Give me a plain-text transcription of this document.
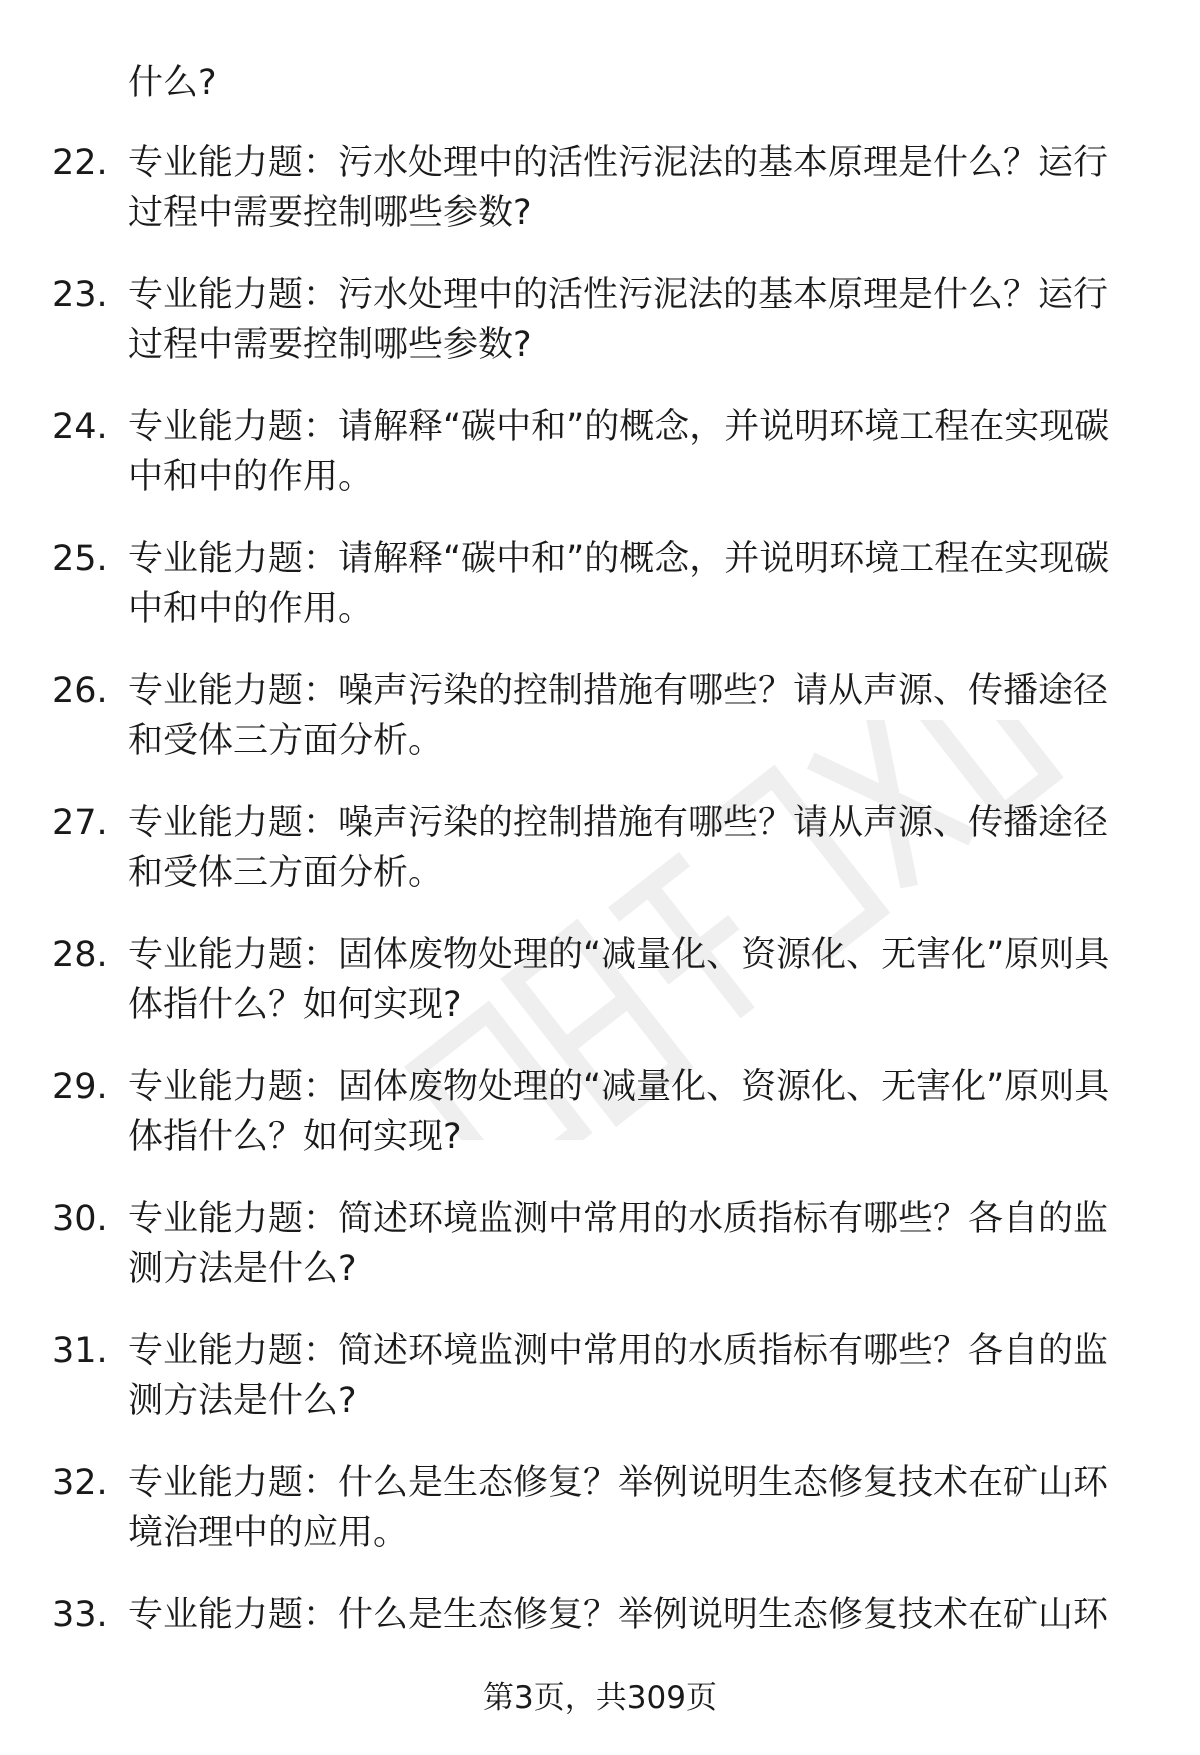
什么?
22. 专业能力题：污水处理中的活性污泥法的基本原理是什么？运行过程中需要控制哪些参数?
23. 专业能力题：污水处理中的活性污泥法的基本原理是什么？运行过程中需要控制哪些参数?
24. 专业能力题：请解释“碳中和”的概念，并说明环境工程在实现碳中和中的作用。
25. 专业能力题：请解释“碳中和”的概念，并说明环境工程在实现碳中和中的作用。
26. 专业能力题：噪声污染的控制措施有哪些？请从声源、传播途径和受体三方面分析。
27. 专业能力题：噪声污染的控制措施有哪些？请从声源、传播途径和受体三方面分析。
28. 专业能力题：固体废物处理的“减量化、资源化、无害化”原则具体指什么？如何实现?
29. 专业能力题：固体废物处理的“减量化、资源化、无害化”原则具体指什么？如何实现?
30. 专业能力题：简述环境监测中常用的水质指标有哪些？各自的监测方法是什么?
31. 专业能力题：简述环境监测中常用的水质指标有哪些？各自的监测方法是什么?
32. 专业能力题：什么是生态修复？举例说明生态修复技术在矿山环境治理中的应用。
33. 专业能力题：什么是生态修复？举例说明生态修复技术在矿山环
第3页，共309页
